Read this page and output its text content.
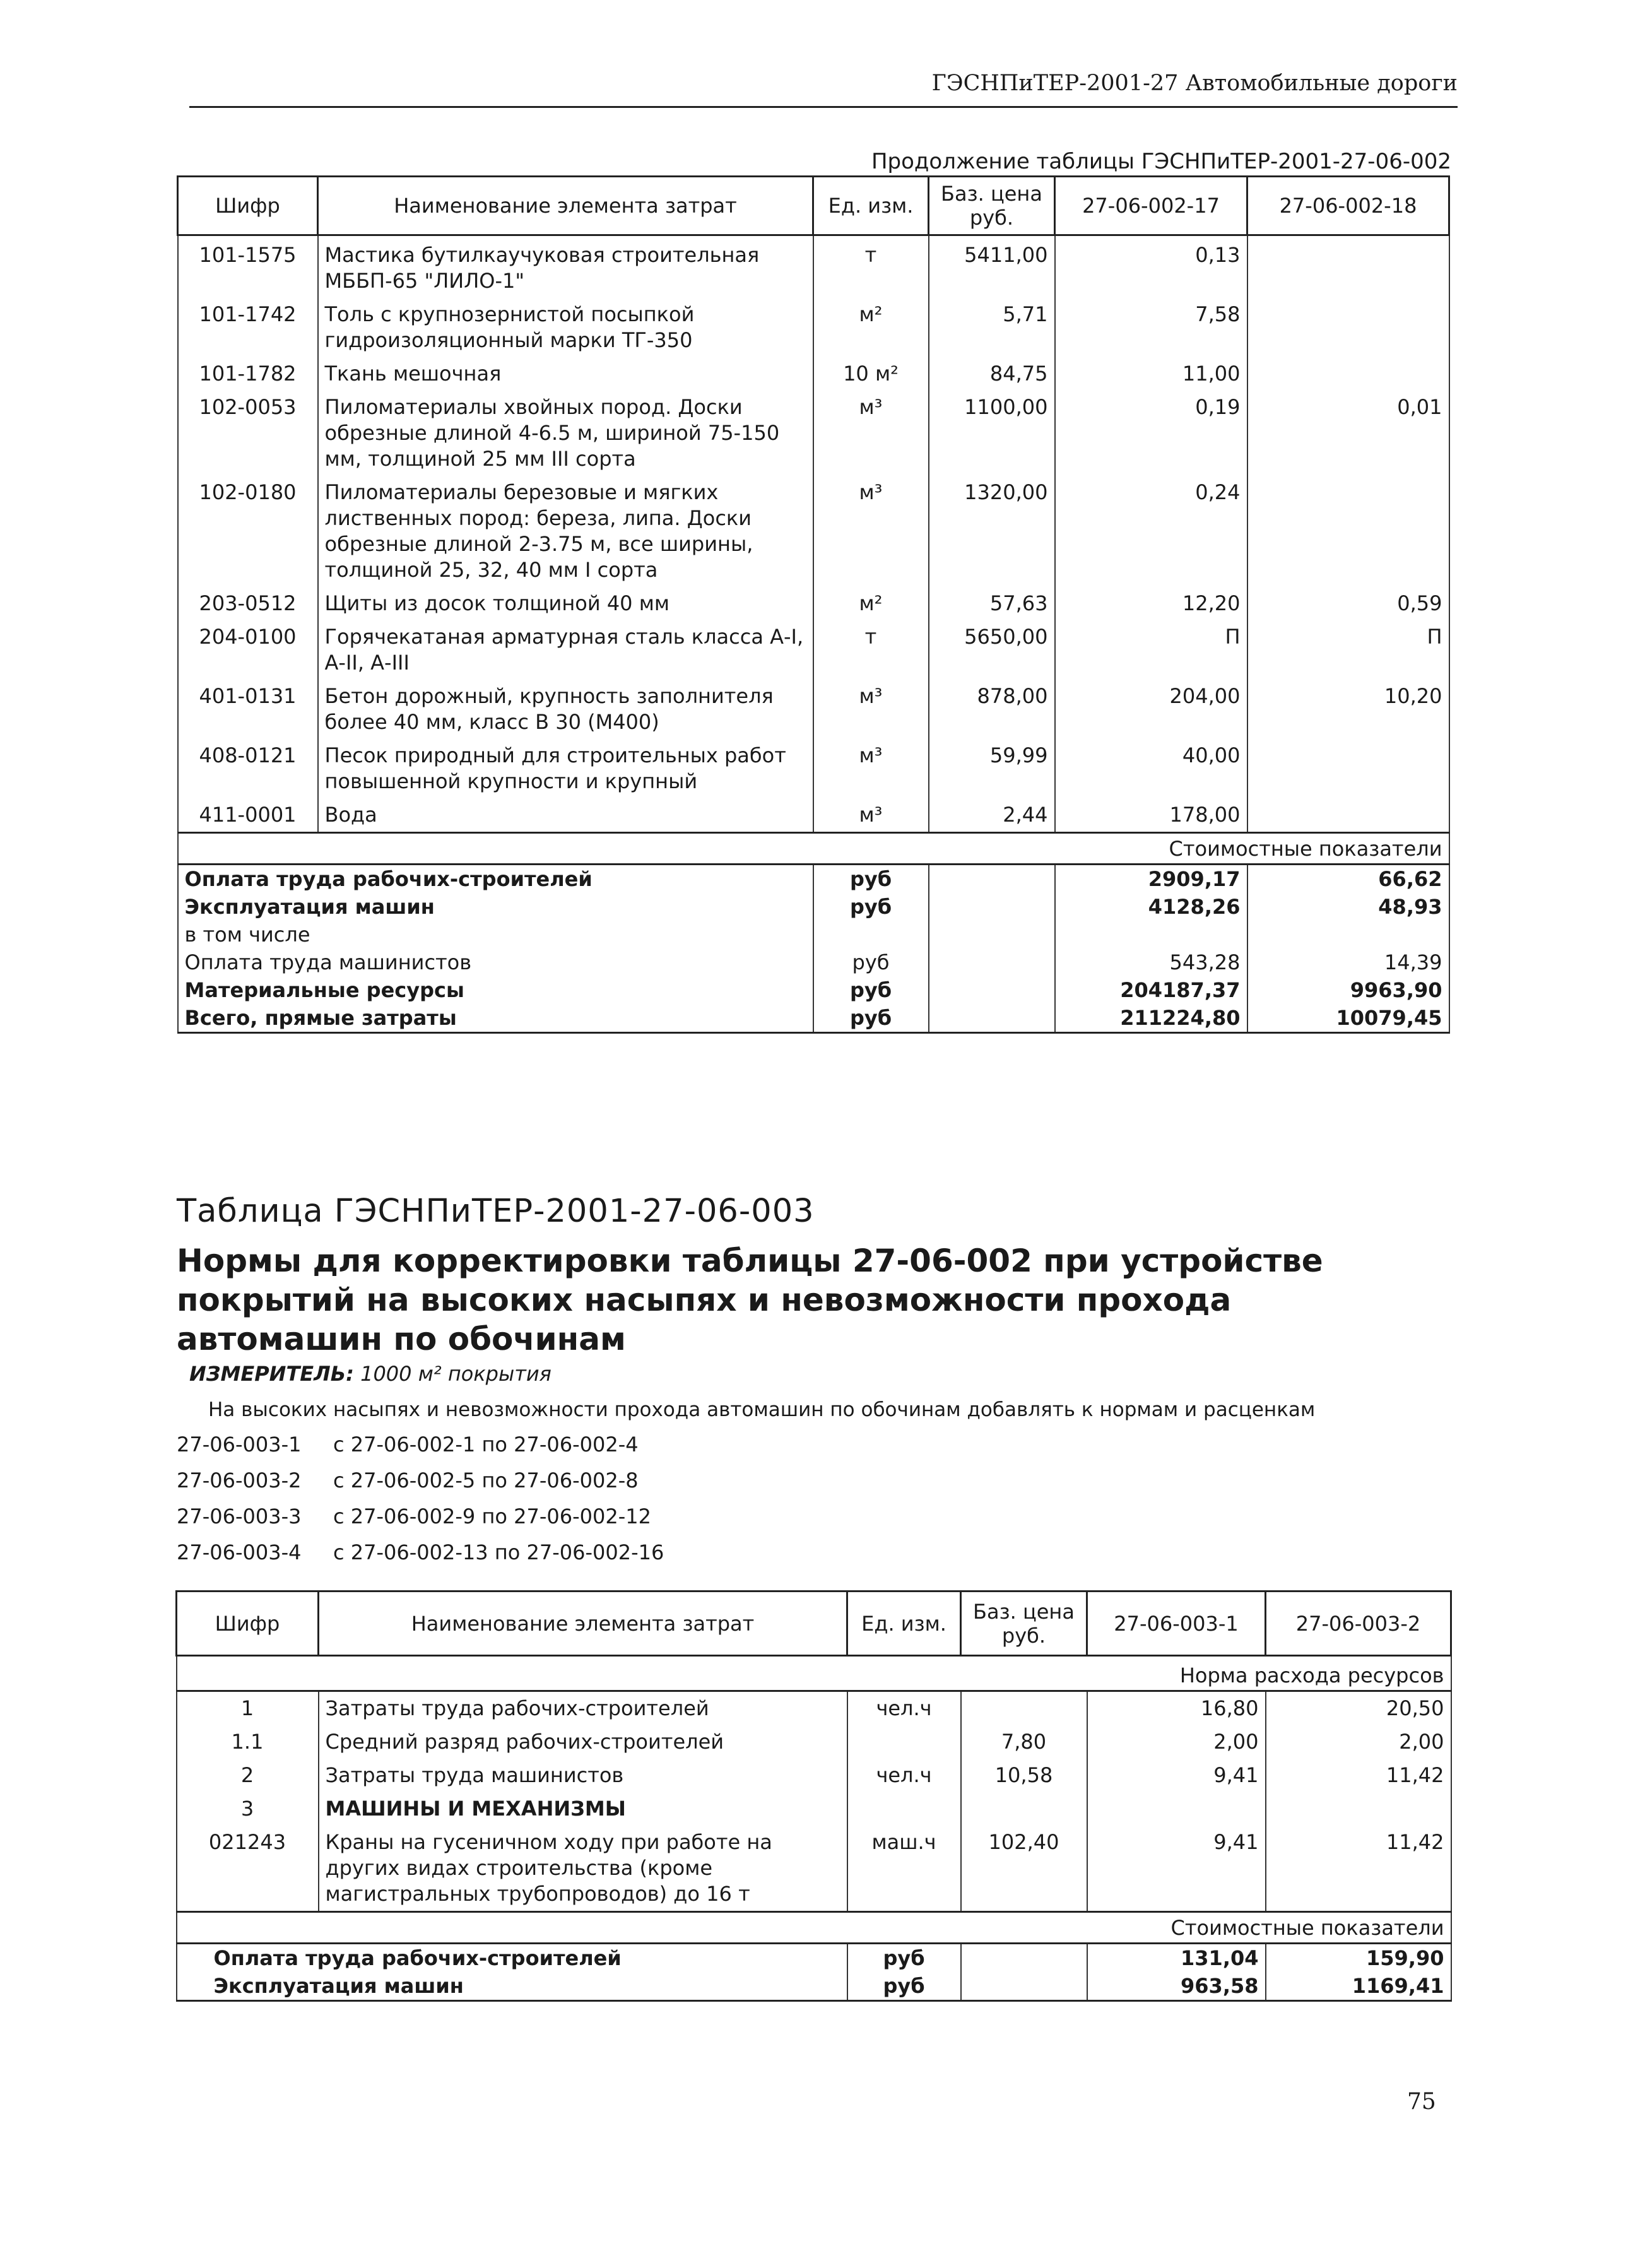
ГЭСНПиТЕР-2001-27 Автомобильные дороги
Продолжение таблицы ГЭСНПиТЕР-2001-27-06-002
Шифр	Наименование элемента затрат	Ед. изм.	Баз. цена руб.	27-06-002-17	27-06-002-18
101-1575	Мастика бутилкаучуковая строительная МББП-65 "ЛИЛО-1"	т	5411,00	0,13	
101-1742	Толь с крупнозернистой посыпкой гидроизоляционный марки ТГ-350	м²	5,71	7,58	
101-1782	Ткань мешочная	10 м²	84,75	11,00	
102-0053	Пиломатериалы хвойных пород. Доски обрезные длиной 4-6.5 м, шириной 75-150 мм, толщиной 25 мм III сорта	м³	1100,00	0,19	0,01
102-0180	Пиломатериалы березовые и мягких лиственных пород: береза, липа. Доски обрезные длиной 2-3.75 м, все ширины, толщиной 25, 32, 40 мм I сорта	м³	1320,00	0,24	
203-0512	Щиты из досок толщиной 40 мм	м²	57,63	12,20	0,59
204-0100	Горячекатаная арматурная сталь класса А-I, А-II, А-III	т	5650,00	П	П
401-0131	Бетон дорожный, крупность заполнителя более 40 мм, класс В 30 (М400)	м³	878,00	204,00	10,20
408-0121	Песок природный для строительных работ повышенной крупности и крупный	м³	59,99	40,00	
411-0001	Вода	м³	2,44	178,00	
Стоимостные показатели					
Оплата труда рабочих-строителей		руб		2909,17	66,62
Эксплуатация машин		руб		4128,26	48,93
в том числе					
Оплата труда машинистов		руб		543,28	14,39
Материальные ресурсы		руб		204187,37	9963,90
Всего, прямые затраты		руб		211224,80	10079,45
Таблица ГЭСНПиТЕР-2001-27-06-003
Нормы для корректировки таблицы 27-06-002 при устройстве покрытий на высоких насыпях и невозможности прохода автомашин по обочинам
ИЗМЕРИТЕЛЬ: 1000 м² покрытия
На высоких насыпях и невозможности прохода автомашин по обочинам добавлять к нормам и расценкам
27-06-003-1 с 27-06-002-1 по 27-06-002-4
27-06-003-2 с 27-06-002-5 по 27-06-002-8
27-06-003-3 с 27-06-002-9 по 27-06-002-12
27-06-003-4 с 27-06-002-13 по 27-06-002-16
Шифр	Наименование элемента затрат	Ед. изм.	Баз. цена руб.	27-06-003-1	27-06-003-2
Норма расхода ресурсов					
1	Затраты труда рабочих-строителей	чел.ч		16,80	20,50
1.1	Средний разряд рабочих-строителей		7,80	2,00	2,00
2	Затраты труда машинистов	чел.ч	10,58	9,41	11,42
3	МАШИНЫ И МЕХАНИЗМЫ				
021243	Краны на гусеничном ходу при работе на других видах строительства (кроме магистральных трубопроводов) до 16 т	маш.ч	102,40	9,41	11,42
Стоимостные показатели					
Оплата труда рабочих-строителей		руб		131,04	159,90
Эксплуатация машин		руб		963,58	1169,41
75
